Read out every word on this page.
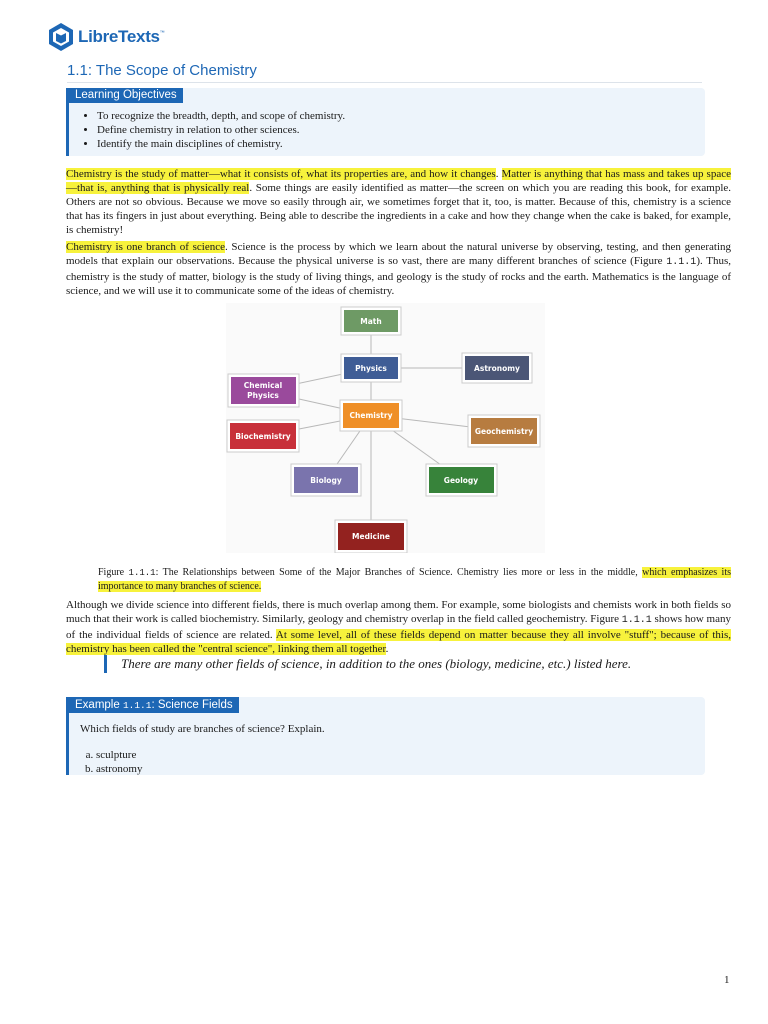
LibreTexts ™
1.1: The Scope of Chemistry
Learning Objectives
• To recognize the breadth, depth, and scope of chemistry.
• Define chemistry in relation to other sciences.
• Identify the main disciplines of chemistry.

Chemistry is the study of matter—what it consists of, what its properties are, and how it changes. Matter is anything that has mass and takes up space—that is, anything that is physically real. Some things are easily identified as matter—the screen on which you are reading this book, for example. Others are not so obvious. Because we move so easily through air, we sometimes forget that it, too, is matter. Because of this, chemistry is a science that has its fingers in just about everything. Being able to describe the ingredients in a cake and how they change when the cake is baked, for example, is chemistry!

Chemistry is one branch of science. Science is the process by which we learn about the natural universe by observing, testing, and then generating models that explain our observations. Because the physical universe is so vast, there are many different branches of science (Figure 1.1.1). Thus, chemistry is the study of matter, biology is the study of living things, and geology is the study of rocks and the earth. Mathematics is the language of science, and we will use it to communicate some of the ideas of chemistry.

Math
Physics	Astronomy
Chemical
Physics
Chemistry
Biochemistry
Geochemistry
Biology	Geology
Medicine

Figure 1.1.1: The Relationships between Some of the Major Branches of Science. Chemistry lies more or less in the middle, which emphasizes its importance to many branches of science.

Although we divide science into different fields, there is much overlap among them. For example, some biologists and chemists work in both fields so much that their work is called biochemistry. Similarly, geology and chemistry overlap in the field called geochemistry. Figure 1.1.1 shows how many of the individual fields of science are related. At some level, all of these fields depend on matter because they all involve "stuff"; because of this, chemistry has been called the "central science", linking them all together.

There are many other fields of science, in addition to the ones (biology, medicine, etc.) listed here.
Example 1.1.1: Science Fields
Which fields of study are branches of science? Explain.
a. sculpture
b. astronomy
1
